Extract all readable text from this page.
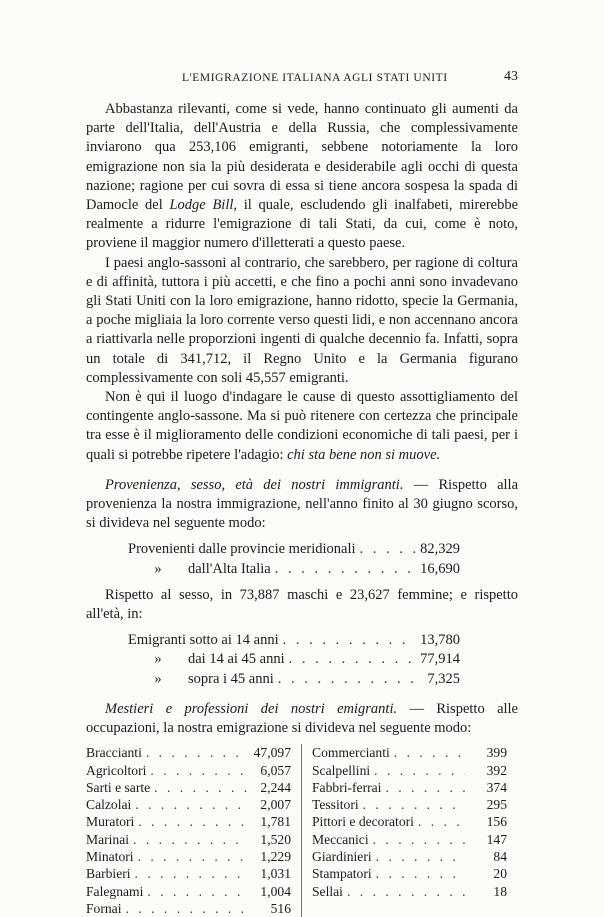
L'EMIGRAZIONE ITALIANA AGLI STATI UNITI	43

Abbastanza rilevanti, come si vede, hanno continuato gli aumenti da parte dell'Italia, dell'Austria e della Russia, che complessivamente inviarono qua 253,106 emigranti, sebbene notoriamente la loro emigrazione non sia la più desiderata e desiderabile agli occhi di questa nazione; ragione per cui sovra di essa si tiene ancora sospesa la spada di Damocle del Lodge Bill, il quale, escludendo gli inalfabeti, mirerebbe realmente a ridurre l'emigrazione di tali Stati, da cui, come è noto, proviene il maggior numero d'illetterati a questo paese.

I paesi anglo-sassoni al contrario, che sarebbero, per ragione di coltura e di affinità, tuttora i più accetti, e che fino a pochi anni sono invadevano gli Stati Uniti con la loro emigrazione, hanno ridotto, specie la Germania, a poche migliaia la loro corrente verso questi lidi, e non accennano ancora a riattivarla nelle proporzioni ingenti di qualche decennio fa. Infatti, sopra un totale di 341,712, il Regno Unito e la Germania figurano complessivamente con soli 45,557 emigranti.

Non è qui il luogo d'indagare le cause di questo assottigliamento del contingente anglo-sassone. Ma si può ritenere con certezza che principale tra esse è il miglioramento delle condizioni economiche di tali paesi, per i quali si potrebbe ripetere l'adagio: chi sta bene non si muove.

Provenienza, sesso, età dei nostri immigranti. — Rispetto alla provenienza la nostra immigrazione, nell'anno finito al 30 giugno scorso, si divideva nel seguente modo:

Provenienti dalle provincie meridionali . . .	82,329
»	dall'Alta Italia . . .	16,690

Rispetto al sesso, in 73,887 maschi e 23,627 femmine; e rispetto all'età, in:

Emigranti sotto ai 14 anni . . .	13,780
»	dai 14 ai 45 anni . . .	77,914
»	sopra i 45 anni . . .	7,325

Mestieri e professioni dei nostri emigranti. — Rispetto alle occupazioni, la nostra emigrazione si divideva nel seguente modo:

Braccianti . . .	47,097
Agricoltori . . .	6,057
Sarti e sarte . . .	2,244
Calzolai . . .	2,007
Muratori . . .	1,781
Marinai . . .	1,520
Minatori . . .	1,229
Barbieri . . .	1,031
Falegnami . . .	1,004
Fornai . . .	516
Commercianti . . .	399
Scalpellini . . .	392
Fabbri-ferrai . . .	374
Tessitori . . .	295
Pittori e decoratori . . .	156
Meccanici . . .	147
Giardinieri . . .	84
Stampatori . . .	20
Sellai . . .	18
